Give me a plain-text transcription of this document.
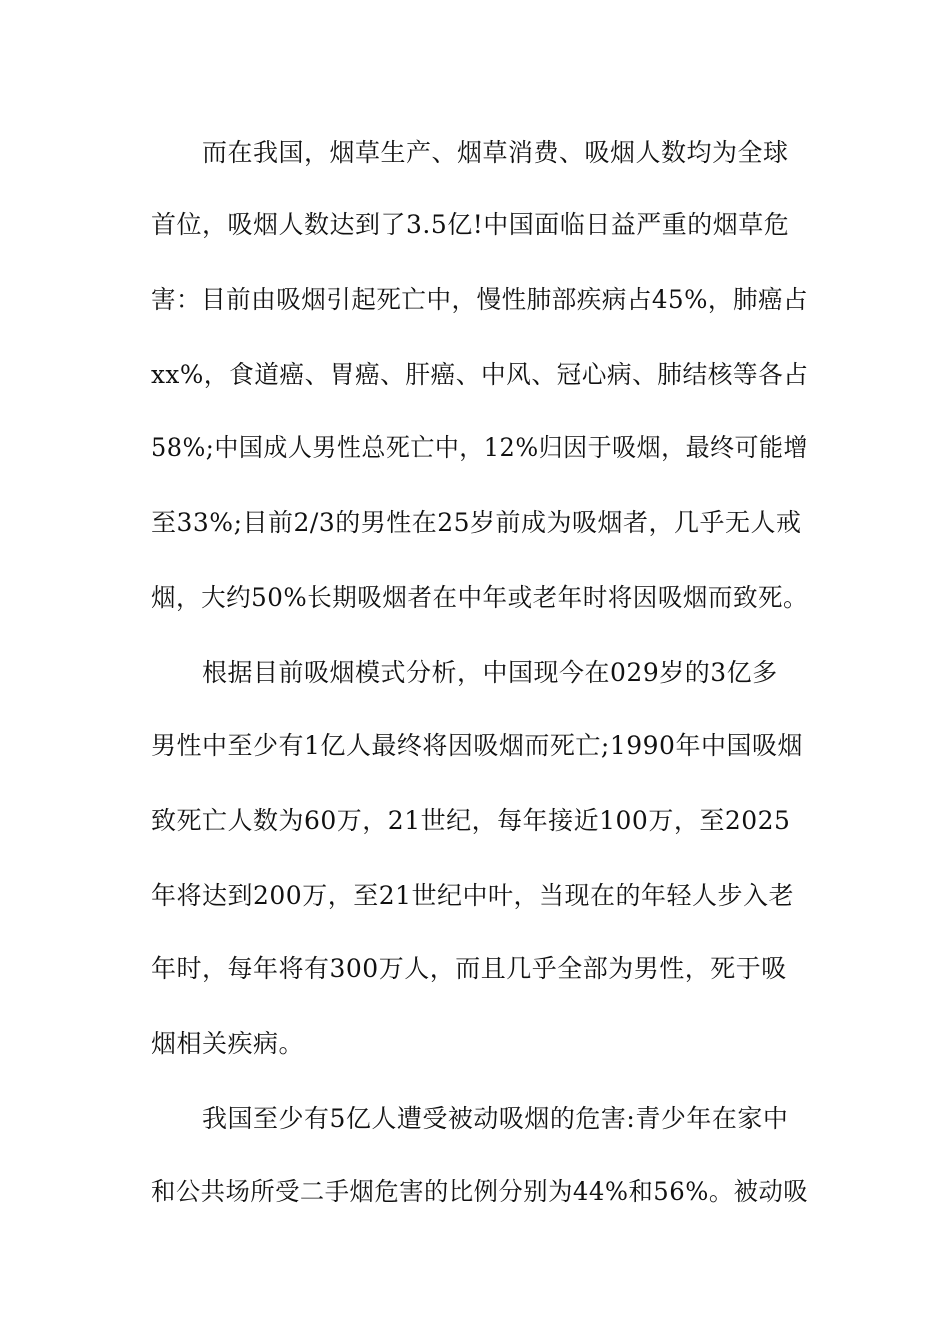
而在我国，烟草生产、烟草消费、吸烟人数均为全球
首位，吸烟人数达到了3.5亿!中国面临日益严重的烟草危
害：目前由吸烟引起死亡中，慢性肺部疾病占45%，肺癌占
xx%，食道癌、胃癌、肝癌、中风、冠心病、肺结核等各占
58%;中国成人男性总死亡中，12%归因于吸烟，最终可能增
至33%;目前2/3的男性在25岁前成为吸烟者，几乎无人戒
烟，大约50%长期吸烟者在中年或老年时将因吸烟而致死。
根据目前吸烟模式分析，中国现今在029岁的3亿多
男性中至少有1亿人最终将因吸烟而死亡;1990年中国吸烟
致死亡人数为60万，21世纪，每年接近100万，至2025
年将达到200万，至21世纪中叶，当现在的年轻人步入老
年时，每年将有300万人，而且几乎全部为男性，死于吸
烟相关疾病。
我国至少有5亿人遭受被动吸烟的危害:青少年在家中
和公共场所受二手烟危害的比例分别为44%和56%。被动吸
